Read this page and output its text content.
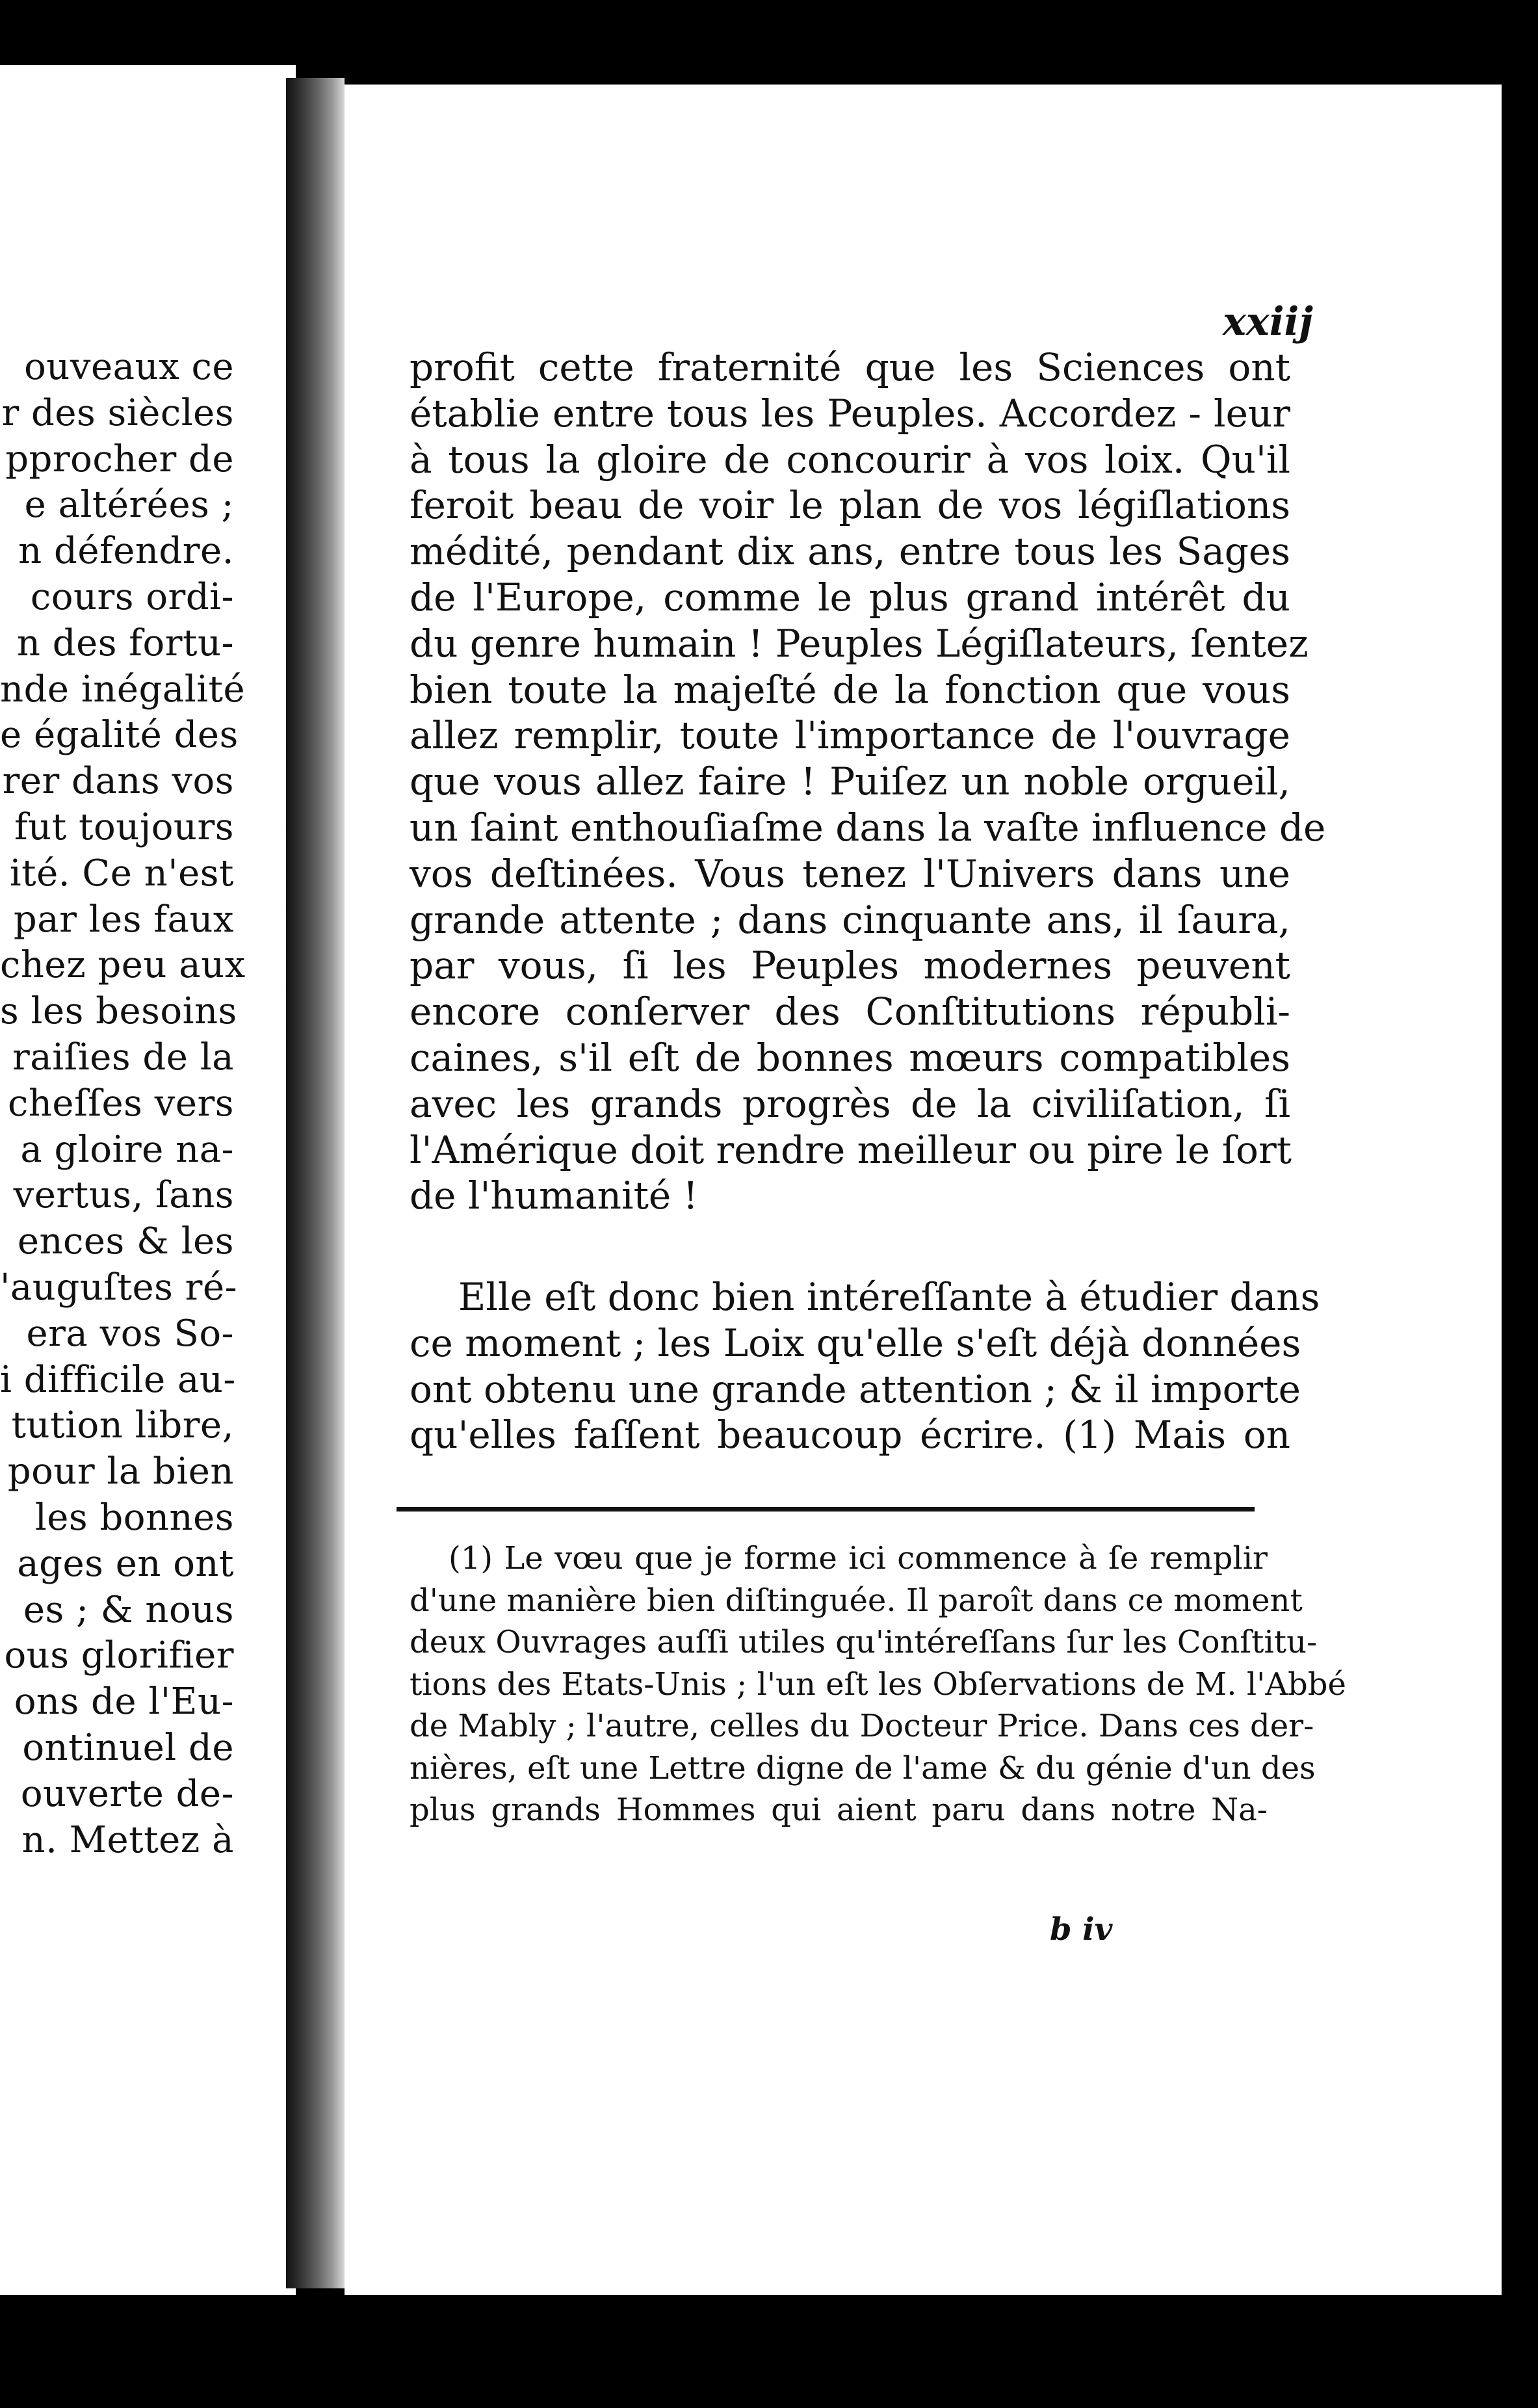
ouveaux ce
r des siècles
pprocher de
e altérées ;
n défendre.
cours ordi-
n des fortu-
nde inégalité
e égalité des
rer dans vos
fut toujours
ité. Ce n'est
par les faux
chez peu aux
s les besoins
raiſies de la
cheſſes vers
a gloire na-
vertus, ſans
ences & les
'auguſtes ré-
era vos So-
i difficile au-
tution libre,
pour la bien
les bonnes
ages en ont
es ; & nous
ous glorifier
ons de l'Eu-
ontinuel de
ouverte de-
n. Mettez à
xxiij
profit cette fraternité que les Sciences ont
établie entre tous les Peuples. Accordez - leur
à tous la gloire de concourir à vos loix. Qu'il
feroit beau de voir le plan de vos légiſlations
médité, pendant dix ans, entre tous les Sages
de l'Europe, comme le plus grand intérêt du
du genre humain ! Peuples Légiſlateurs, ſentez
bien toute la majeſté de la fonction que vous
allez remplir, toute l'importance de l'ouvrage
que vous allez faire ! Puiſez un noble orgueil,
un ſaint enthouſiaſme dans la vaſte influence de
vos deſtinées. Vous tenez l'Univers dans une
grande attente ; dans cinquante ans, il ſaura,
par vous, ſi les Peuples modernes peuvent
encore conſerver des Conſtitutions républi-
caines, s'il eſt de bonnes mœurs compatibles
avec les grands progrès de la civiliſation, ſi
l'Amérique doit rendre meilleur ou pire le ſort
de l'humanité !
Elle eſt donc bien intéreſſante à étudier dans
ce moment ; les Loix qu'elle s'eſt déjà données
ont obtenu une grande attention ; & il importe
qu'elles faſſent beaucoup écrire. (1) Mais on
(1) Le vœu que je forme ici commence à ſe remplir
d'une manière bien diſtinguée. Il paroît dans ce moment
deux Ouvrages auſſi utiles qu'intéreſſans ſur les Conſtitu-
tions des Etats-Unis ; l'un eſt les Obſervations de M. l'Abbé
de Mably ; l'autre, celles du Docteur Price. Dans ces der-
nières, eſt une Lettre digne de l'ame & du génie d'un des
plus grands Hommes qui aient paru dans notre Na-
b iv
